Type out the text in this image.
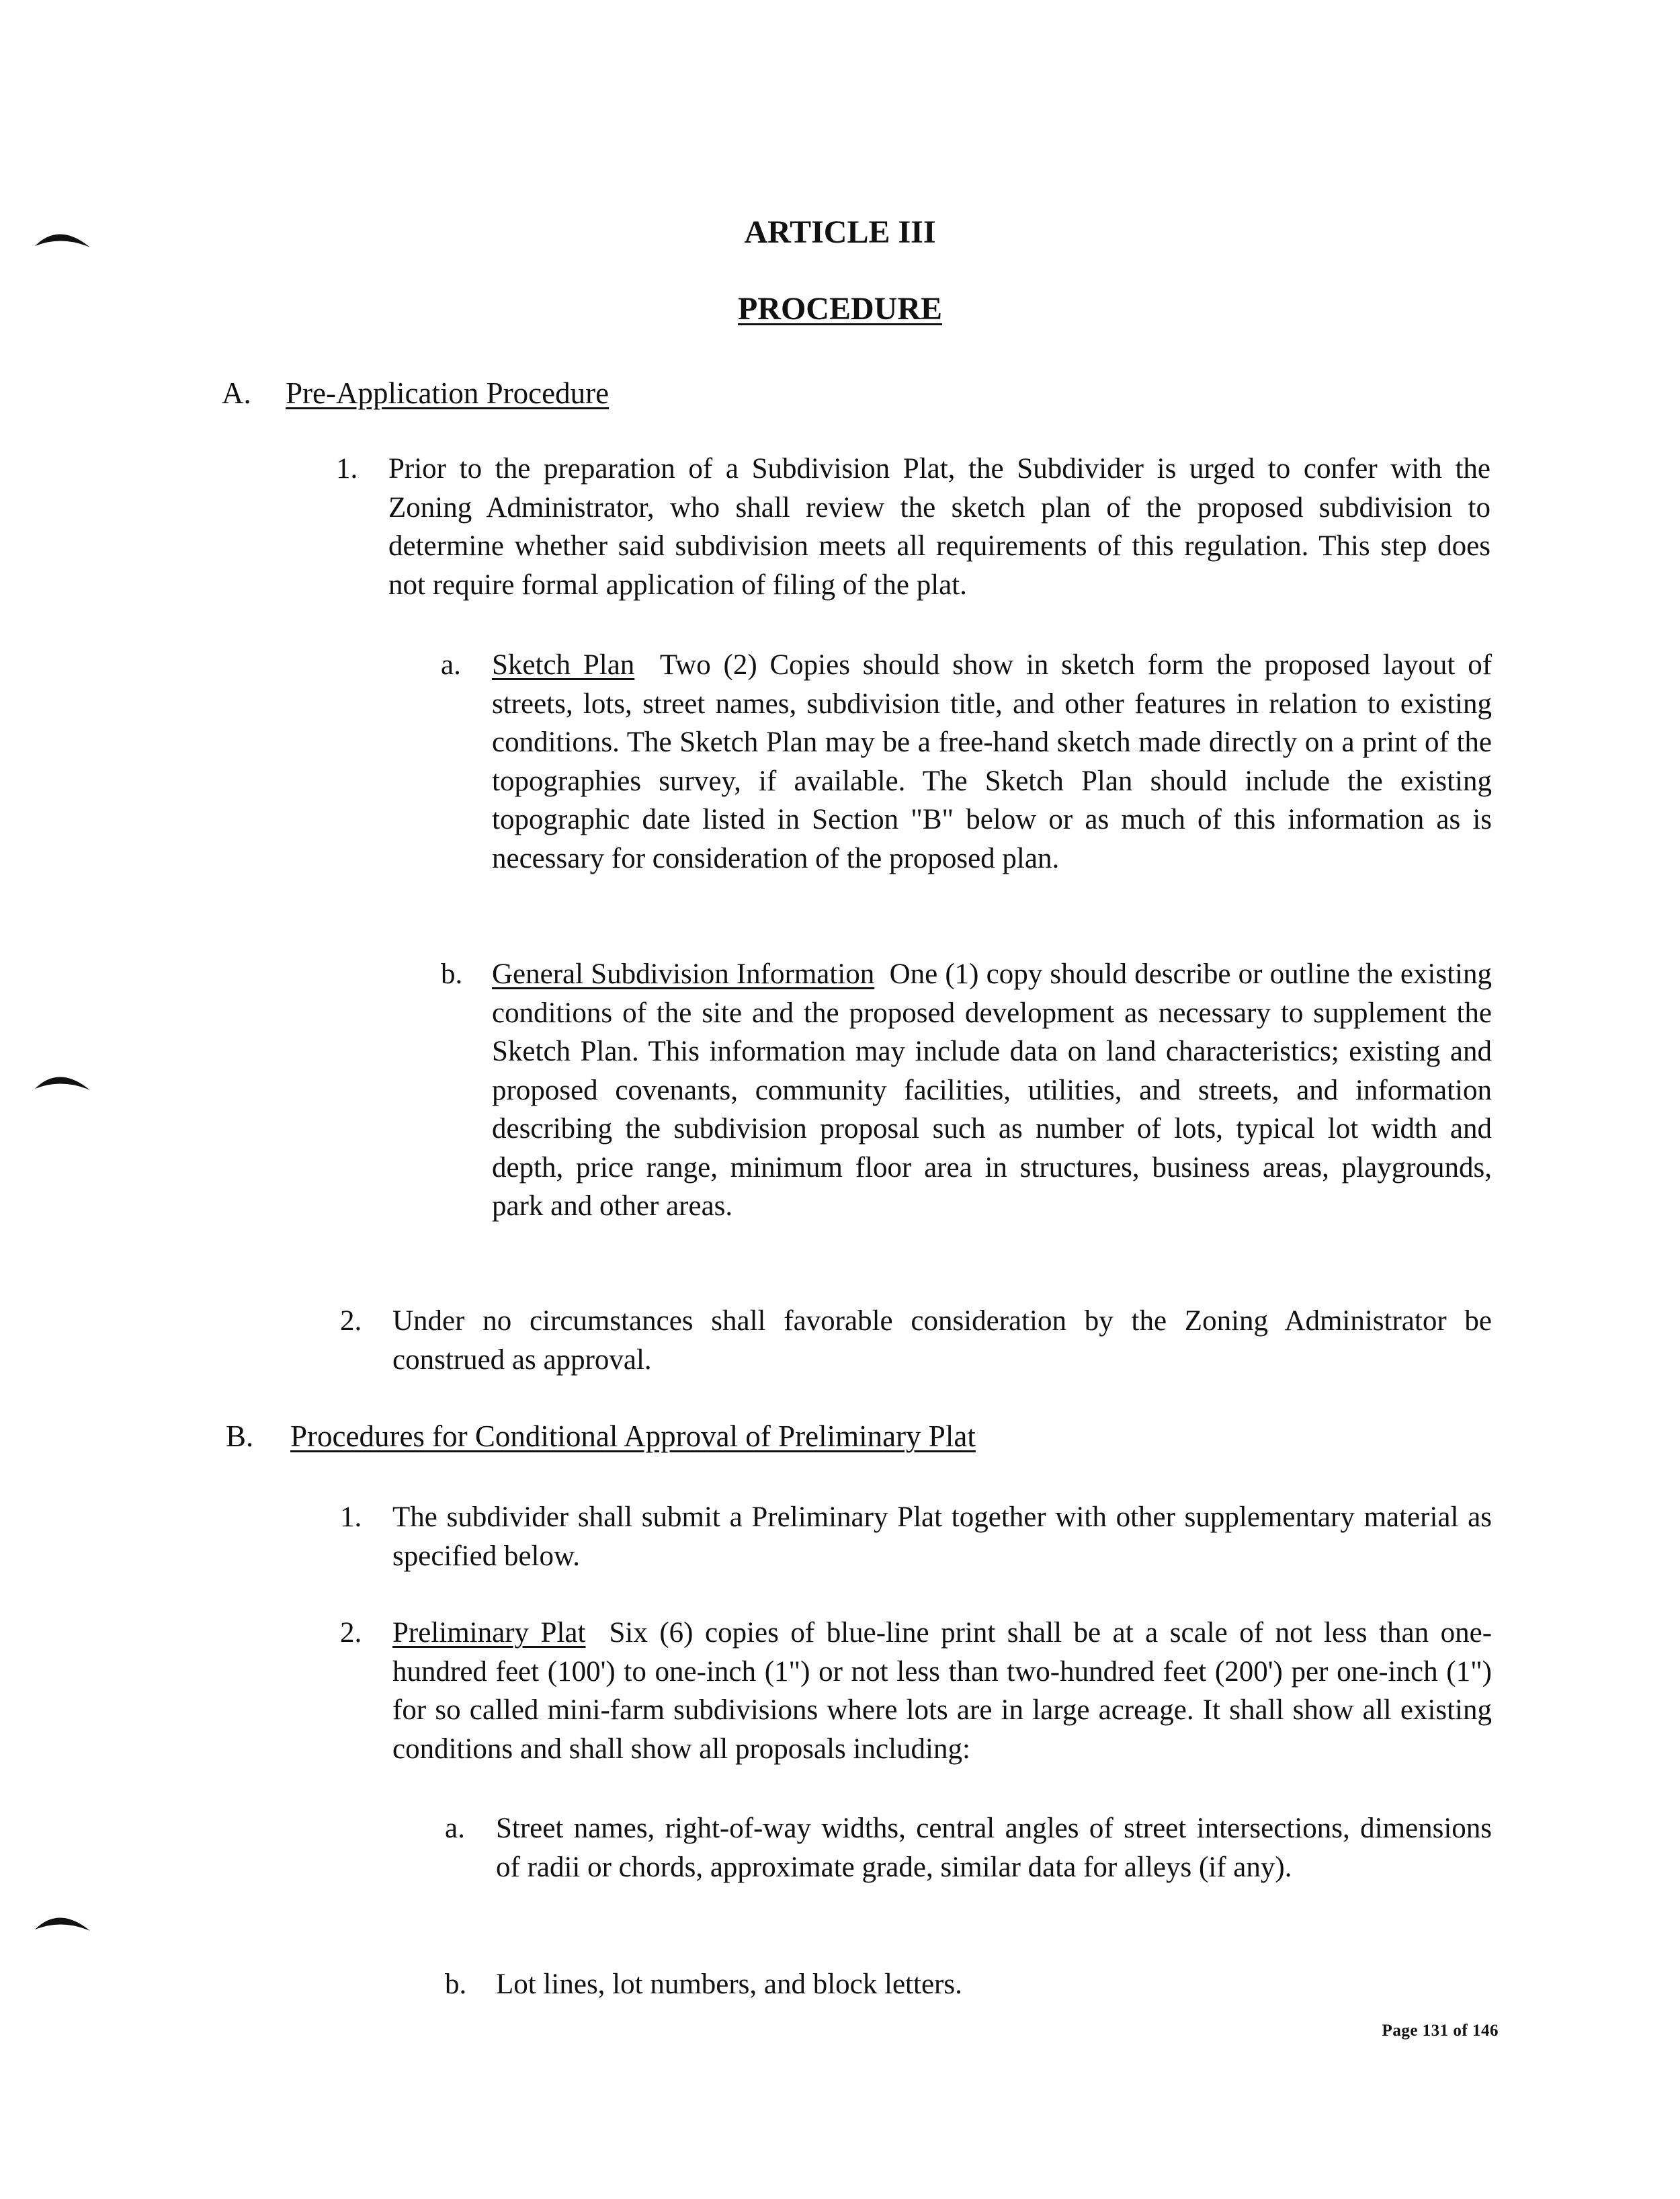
ARTICLE III
PROCEDURE
A. Pre-Application Procedure
1. Prior to the preparation of a Subdivision Plat, the Subdivider is urged to confer with the Zoning Administrator, who shall review the sketch plan of the proposed subdivision to determine whether said subdivision meets all requirements of this regulation. This step does not require formal application of filing of the plat.

a. Sketch Plan Two (2) Copies should show in sketch form the proposed layout of streets, lots, street names, subdivision title, and other features in relation to existing conditions. The Sketch Plan may be a free-hand sketch made directly on a print of the topographies survey, if available. The Sketch Plan should include the existing topographic date listed in Section "B" below or as much of this information as is necessary for consideration of the proposed plan.

b. General Subdivision Information One (1) copy should describe or outline the existing conditions of the site and the proposed development as necessary to supplement the Sketch Plan. This information may include data on land characteristics; existing and proposed covenants, community facilities, utilities, and streets, and information describing the subdivision proposal such as number of lots, typical lot width and depth, price range, minimum floor area in structures, business areas, playgrounds, park and other areas.

2. Under no circumstances shall favorable consideration by the Zoning Administrator be construed as approval.

B. Procedures for Conditional Approval of Preliminary Plat
1. The subdivider shall submit a Preliminary Plat together with other supplementary material as specified below.

2. Preliminary Plat Six (6) copies of blue-line print shall be at a scale of not less than one-hundred feet (100') to one-inch (1") or not less than two-hundred feet (200') per one-inch (1") for so called mini-farm subdivisions where lots are in large acreage. It shall show all existing conditions and shall show all proposals including:

a. Street names, right-of-way widths, central angles of street intersections, dimensions of radii or chords, approximate grade, similar data for alleys (if any).

b. Lot lines, lot numbers, and block letters.

Page 131 of 146
